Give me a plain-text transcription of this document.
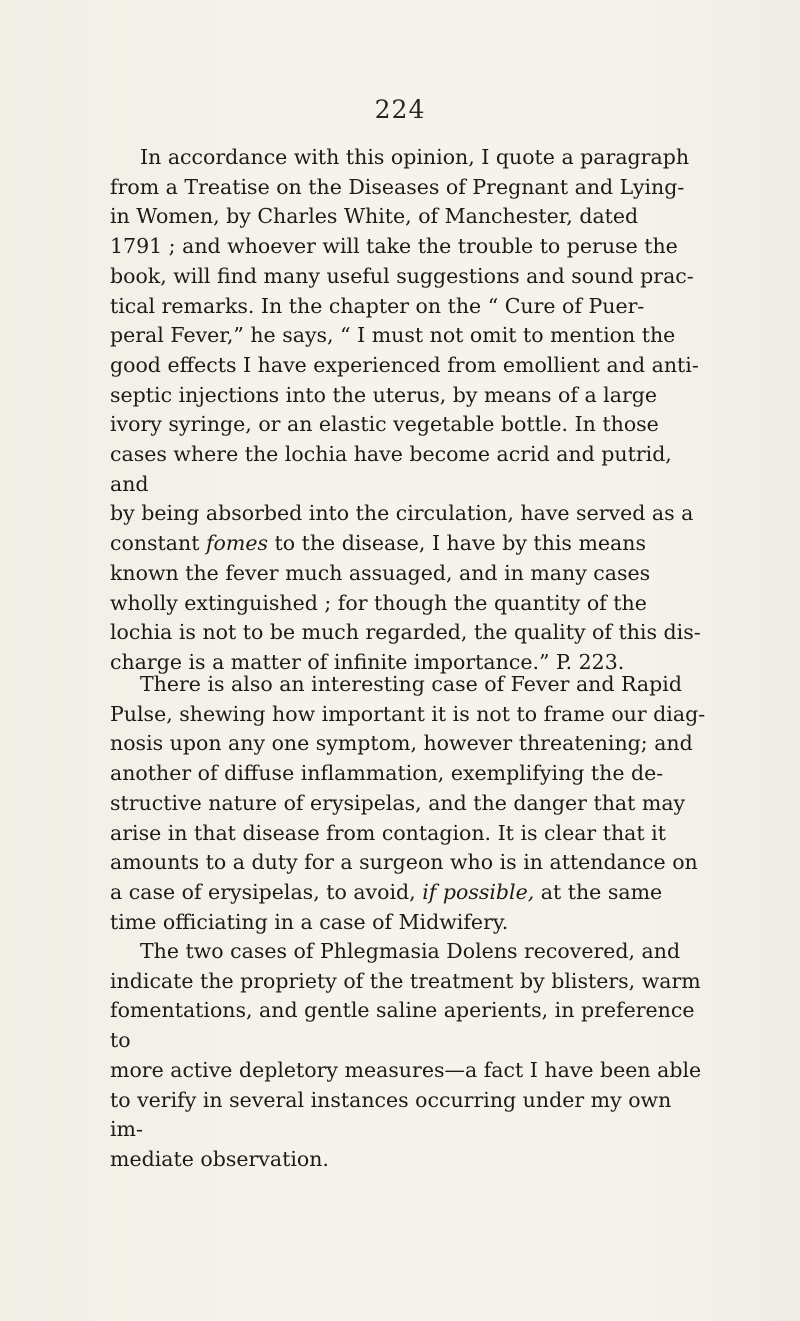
224

In accordance with this opinion, I quote a paragraph
from a Treatise on the Diseases of Pregnant and Lying-
in Women, by Charles White, of Manchester, dated
1791 ; and whoever will take the trouble to peruse the
book, will find many useful suggestions and sound prac-
tical remarks. In the chapter on the “ Cure of Puer-
peral Fever,” he says, “ I must not omit to mention the
good effects I have experienced from emollient and anti-
septic injections into the uterus, by means of a large
ivory syringe, or an elastic vegetable bottle. In those
cases where the lochia have become acrid and putrid, and
by being absorbed into the circulation, have served as a
constant fomes to the disease, I have by this means
known the fever much assuaged, and in many cases
wholly extinguished ; for though the quantity of the
lochia is not to be much regarded, the quality of this dis-
charge is a matter of infinite importance.” P. 223.

There is also an interesting case of Fever and Rapid
Pulse, shewing how important it is not to frame our diag-
nosis upon any one symptom, however threatening; and
another of diffuse inflammation, exemplifying the de-
structive nature of erysipelas, and the danger that may
arise in that disease from contagion. It is clear that it
amounts to a duty for a surgeon who is in attendance on
a case of erysipelas, to avoid, if possible, at the same
time officiating in a case of Midwifery.

The two cases of Phlegmasia Dolens recovered, and
indicate the propriety of the treatment by blisters, warm
fomentations, and gentle saline aperients, in preference to
more active depletory measures—a fact I have been able
to verify in several instances occurring under my own im-
mediate observation.
